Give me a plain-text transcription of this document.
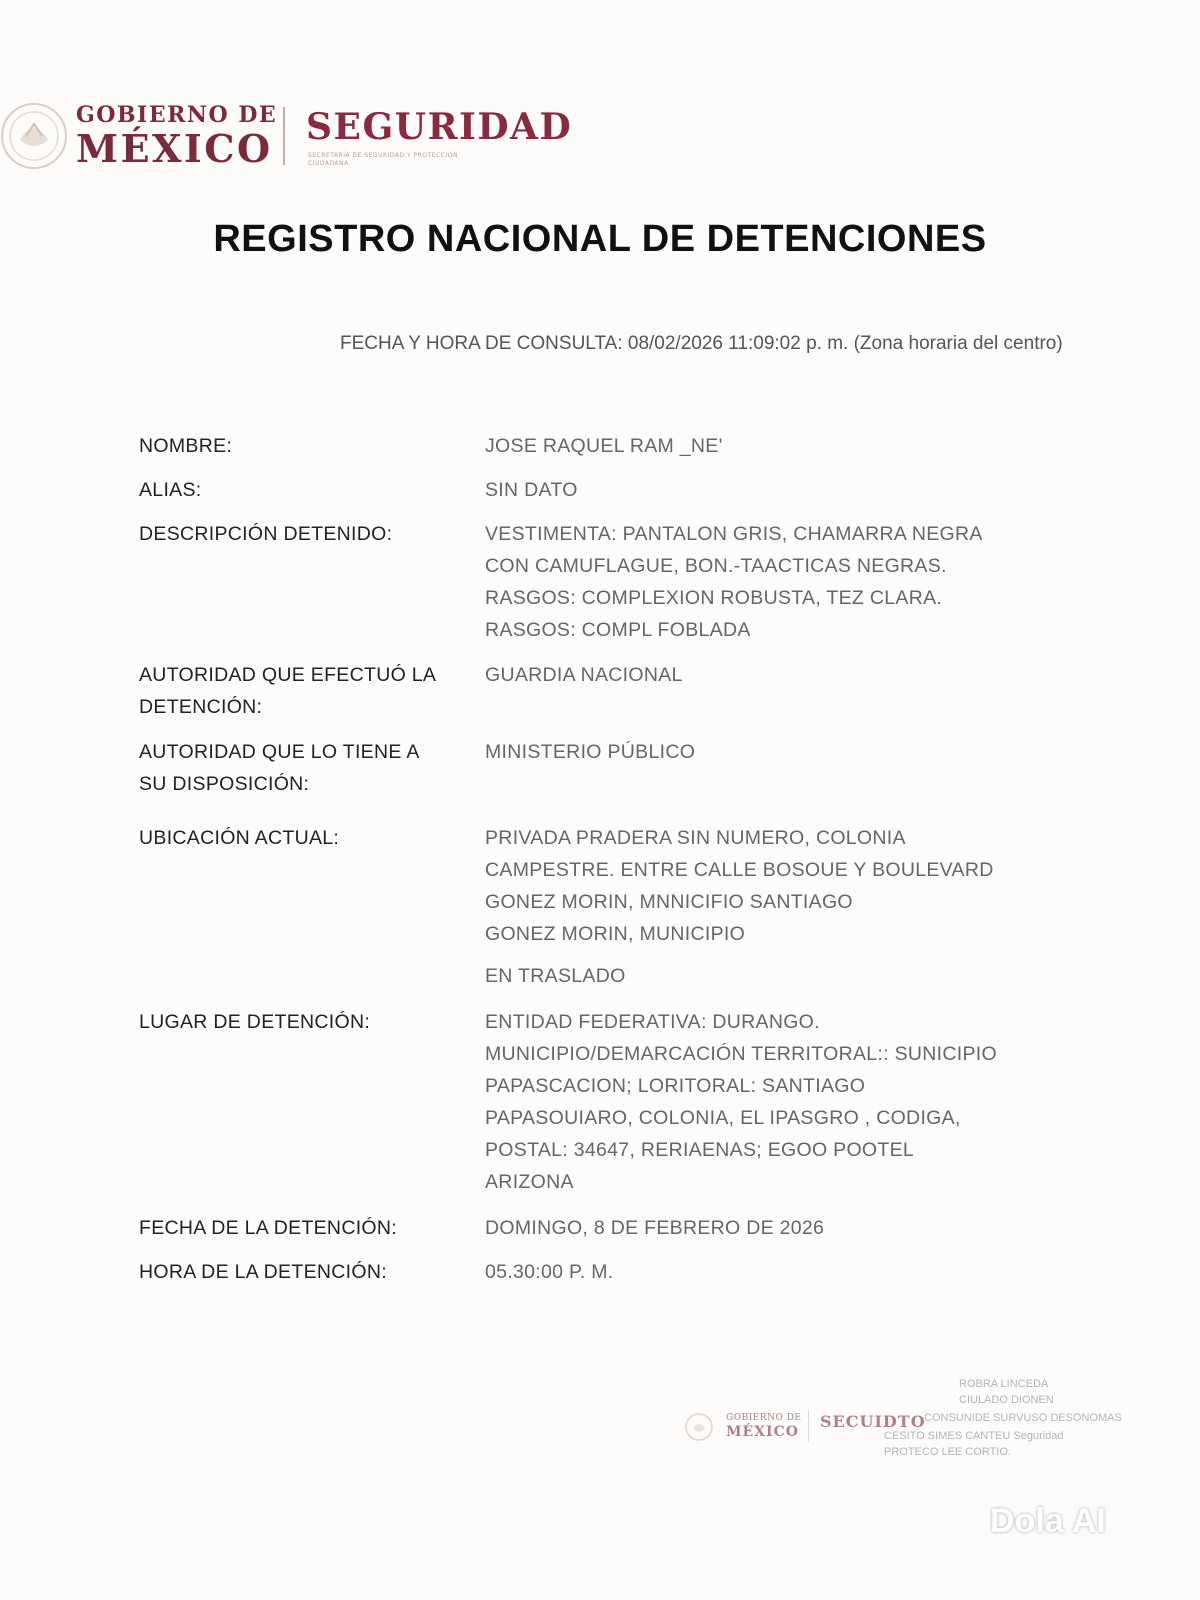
GOBIERNO DE
MÉXICO SEGURIDAD
SECRETARÍA DE SEGURIDAD Y PROTECCIÓN CIUDADANA
REGISTRO NACIONAL DE DETENCIONES
FECHA Y HORA DE CONSULTA: 08/02/2026 11:09:02 p. m. (Zona horaria del centro)
NOMBRE:	JOSE RAQUEL RAM _NE'
ALIAS:	SIN DATO
DESCRIPCIÓN DETENIDO:	VESTIMENTA: PANTALON GRIS, CHAMARRA NEGRA
CON CAMUFLAGUE, BON.-TAACTICAS NEGRAS.
RASGOS: COMPLEXION ROBUSTA, TEZ CLARA.
RASGOS: COMPL FOBLADA
AUTORIDAD QUE EFECTUÓ LA
DETENCIÓN:
GUARDIA NACIONAL
AUTORIDAD QUE LO TIENE A
SU DISPOSICIÓN:
MINISTERIO PÚBLICO
UBICACIÓN ACTUAL:	PRIVADA PRADERA SIN NUMERO, COLONIA
CAMPESTRE. ENTRE CALLE BOSOUE Y BOULEVARD
GONEZ MORIN, MNNICIFIO SANTIAGO
GONEZ MORIN, MUNICIPIO
EN TRASLADO
LUGAR DE DETENCIÓN:	ENTIDAD FEDERATIVA: DURANGO.
MUNICIPIO/DEMARCACIÓN TERRITORAL:: SUNICIPIO
PAPASCACION; LORITORAL: SANTIAGO
PAPASOUIARO, COLONIA, EL IPASGRO , CODIGA,
POSTAL: 34647, RERIAENAS; ЕGOO POOTEL
ARIZONA
FECHA DE LA DETENCIÓN:	DOMINGO, 8 DE FEBRERO DE 2026
HORA DE LA DETENCIÓN:	05.30:00 P. M.
GOBIERNO DE
MÉXICO
SECUIDTO
ROBRA LINCEDA
CIULADO DIONEN
CONSUNIDE SURVUSO DESONOMAS
CESITO SIMES CANTEU Seguridad
PROTECO LEE CORTIO.
Dola AI
